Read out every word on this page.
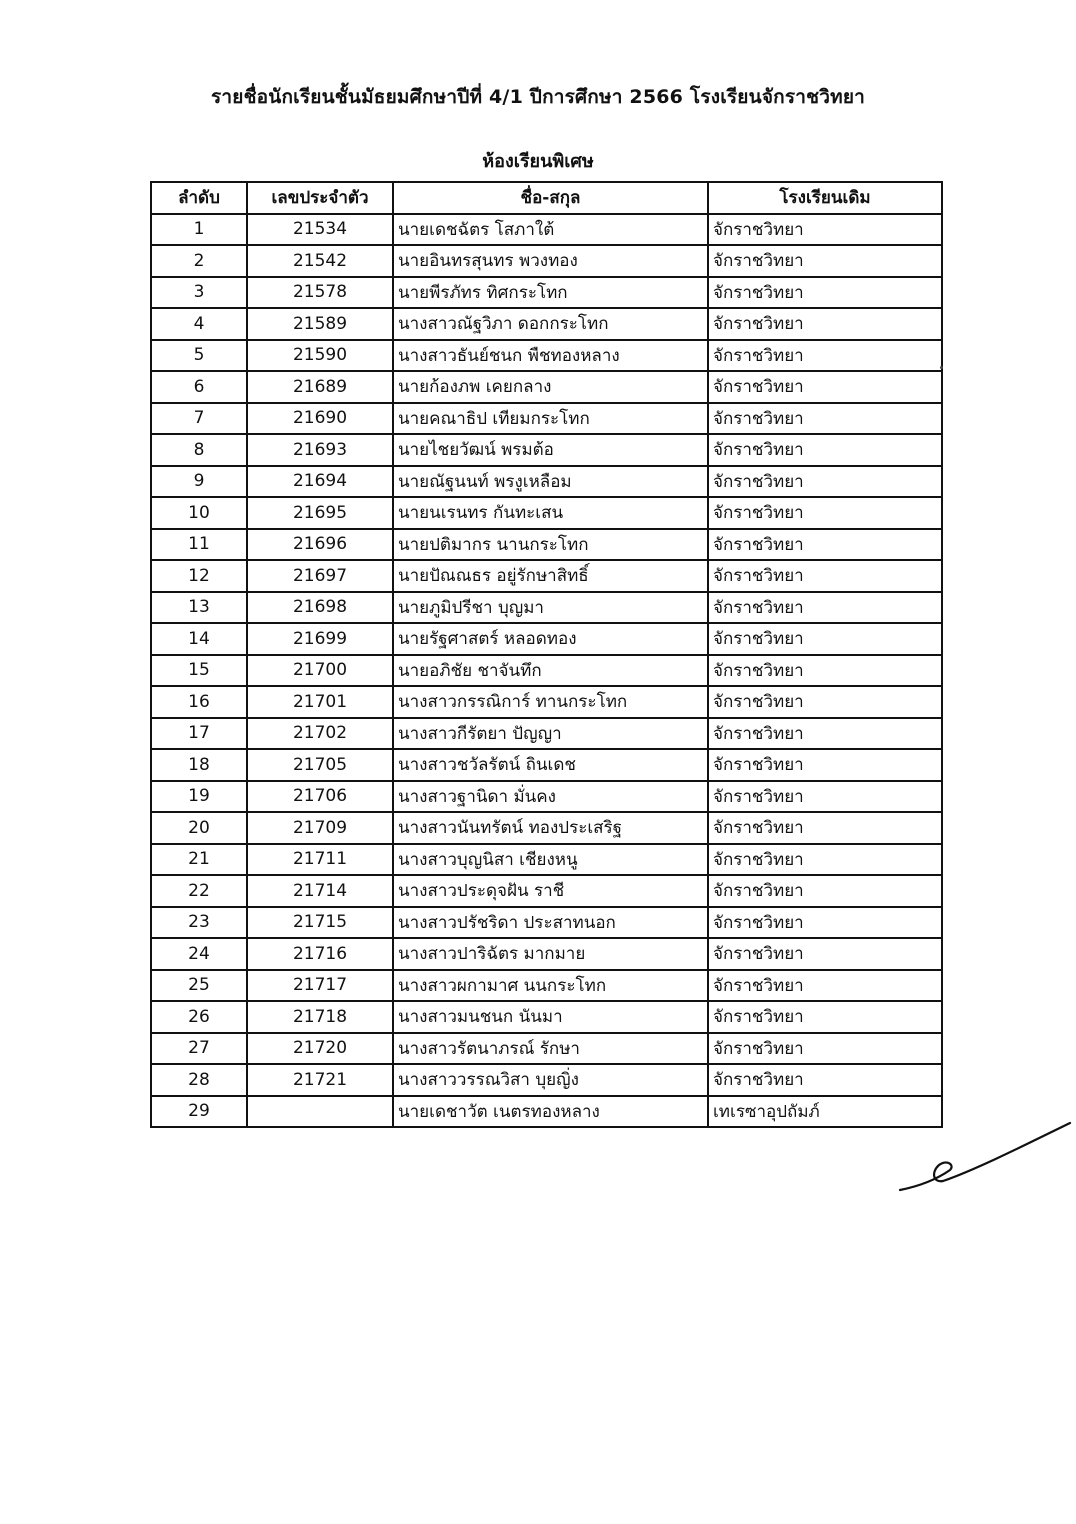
รายชื่อนักเรียนชั้นมัธยมศึกษาปีที่ 4/1 ปีการศึกษา 2566 โรงเรียนจักราชวิทยา
ห้องเรียนพิเศษ
ลำดับ	เลขประจำตัว	ชื่อ-สกุล	โรงเรียนเดิม
1	21534	นายเดชฉัตร โสภาใต้	จักราชวิทยา
2	21542	นายอินทรสุนทร พวงทอง	จักราชวิทยา
3	21578	นายพีรภัทร ทิศกระโทก	จักราชวิทยา
4	21589	นางสาวณัฐวิภา ดอกกระโทก	จักราชวิทยา
5	21590	นางสาวธันย์ชนก พืชทองหลาง	จักราชวิทยา
6	21689	นายก้องภพ เคยกลาง	จักราชวิทยา
7	21690	นายคณาธิป เทียมกระโทก	จักราชวิทยา
8	21693	นายไชยวัฒน์ พรมต้อ	จักราชวิทยา
9	21694	นายณัฐนนท์ พรงูเหลือม	จักราชวิทยา
10	21695	นายนเรนทร กันทะเสน	จักราชวิทยา
11	21696	นายปติมากร นานกระโทก	จักราชวิทยา
12	21697	นายปัณณธร อยู่รักษาสิทธิ์	จักราชวิทยา
13	21698	นายภูมิปรีชา บุญมา	จักราชวิทยา
14	21699	นายรัฐศาสตร์ หลอดทอง	จักราชวิทยา
15	21700	นายอภิชัย ชาจันทึก	จักราชวิทยา
16	21701	นางสาวกรรณิการ์ ทานกระโทก	จักราชวิทยา
17	21702	นางสาวกีรัตยา ปัญญา	จักราชวิทยา
18	21705	นางสาวชวัลรัตน์ ถินเดช	จักราชวิทยา
19	21706	นางสาวฐานิดา มั่นคง	จักราชวิทยา
20	21709	นางสาวนันทรัตน์ ทองประเสริฐ	จักราชวิทยา
21	21711	นางสาวบุญนิสา เชียงหนู	จักราชวิทยา
22	21714	นางสาวประดุจฝัน ราชี	จักราชวิทยา
23	21715	นางสาวปรัชริดา ประสาทนอก	จักราชวิทยา
24	21716	นางสาวปาริฉัตร มากมาย	จักราชวิทยา
25	21717	นางสาวผกามาศ นนกระโทก	จักราชวิทยา
26	21718	นางสาวมนชนก นันมา	จักราชวิทยา
27	21720	นางสาวรัตนาภรณ์ รักษา	จักราชวิทยา
28	21721	นางสาววรรณวิสา บุยญิ่ง	จักราชวิทยา
29		นายเดชาวัต เนตรทองหลาง	เทเรซาอุปถัมภ์
